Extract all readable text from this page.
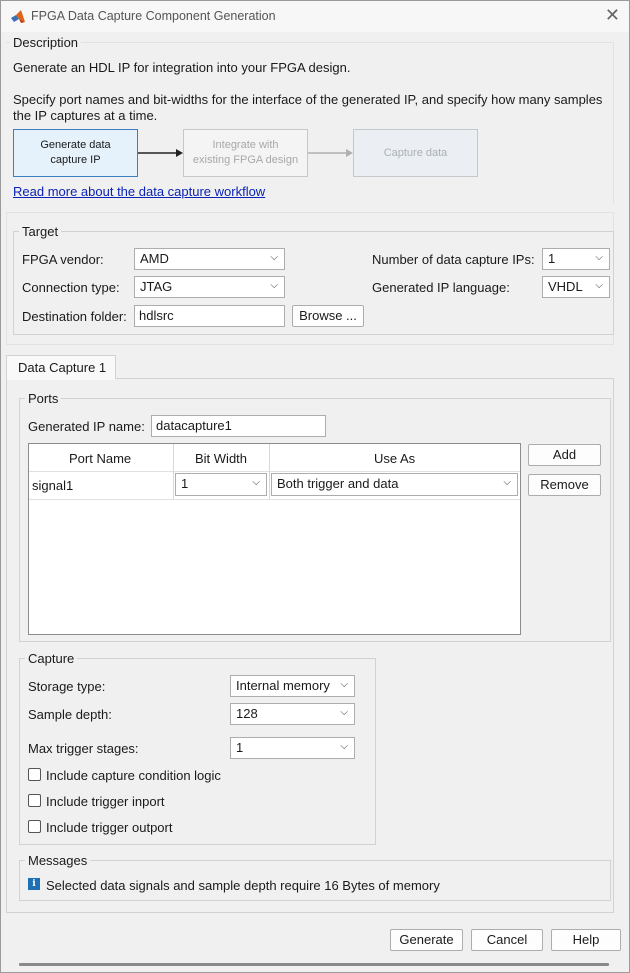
FPGA Data Capture Component Generation	✕
Description
Generate an HDL IP for integration into your FPGA design.
Specify port names and bit-widths for the interface of the generated IP, and specify how many samples
the IP captures at a time.
Generate data
capture IP
Integrate with
existing FPGA design
Capture data
Read more about the data capture workflow
Target
FPGA vendor:	AMD	⌵
Connection type:	JTAG	⌵
Destination folder: hdlsrc	Browse ...
Number of data capture IPs:	1	⌵
Generated IP language:	VHDL ⌵
Data Capture 1
Ports
Generated IP name: datacapture1
Port Name	Bit Width	Use As
signal1	1	⌵	Both trigger and data	⌵
Add
Remove
Capture
Storage type:	Internal memory ⌵
Sample depth:	128	⌵
Max trigger stages:	1	⌵
Include capture condition logic
Include trigger inport
Include trigger outport
Messages
i Selected data signals and sample depth require 16 Bytes of memory
Generate	Cancel	Help
